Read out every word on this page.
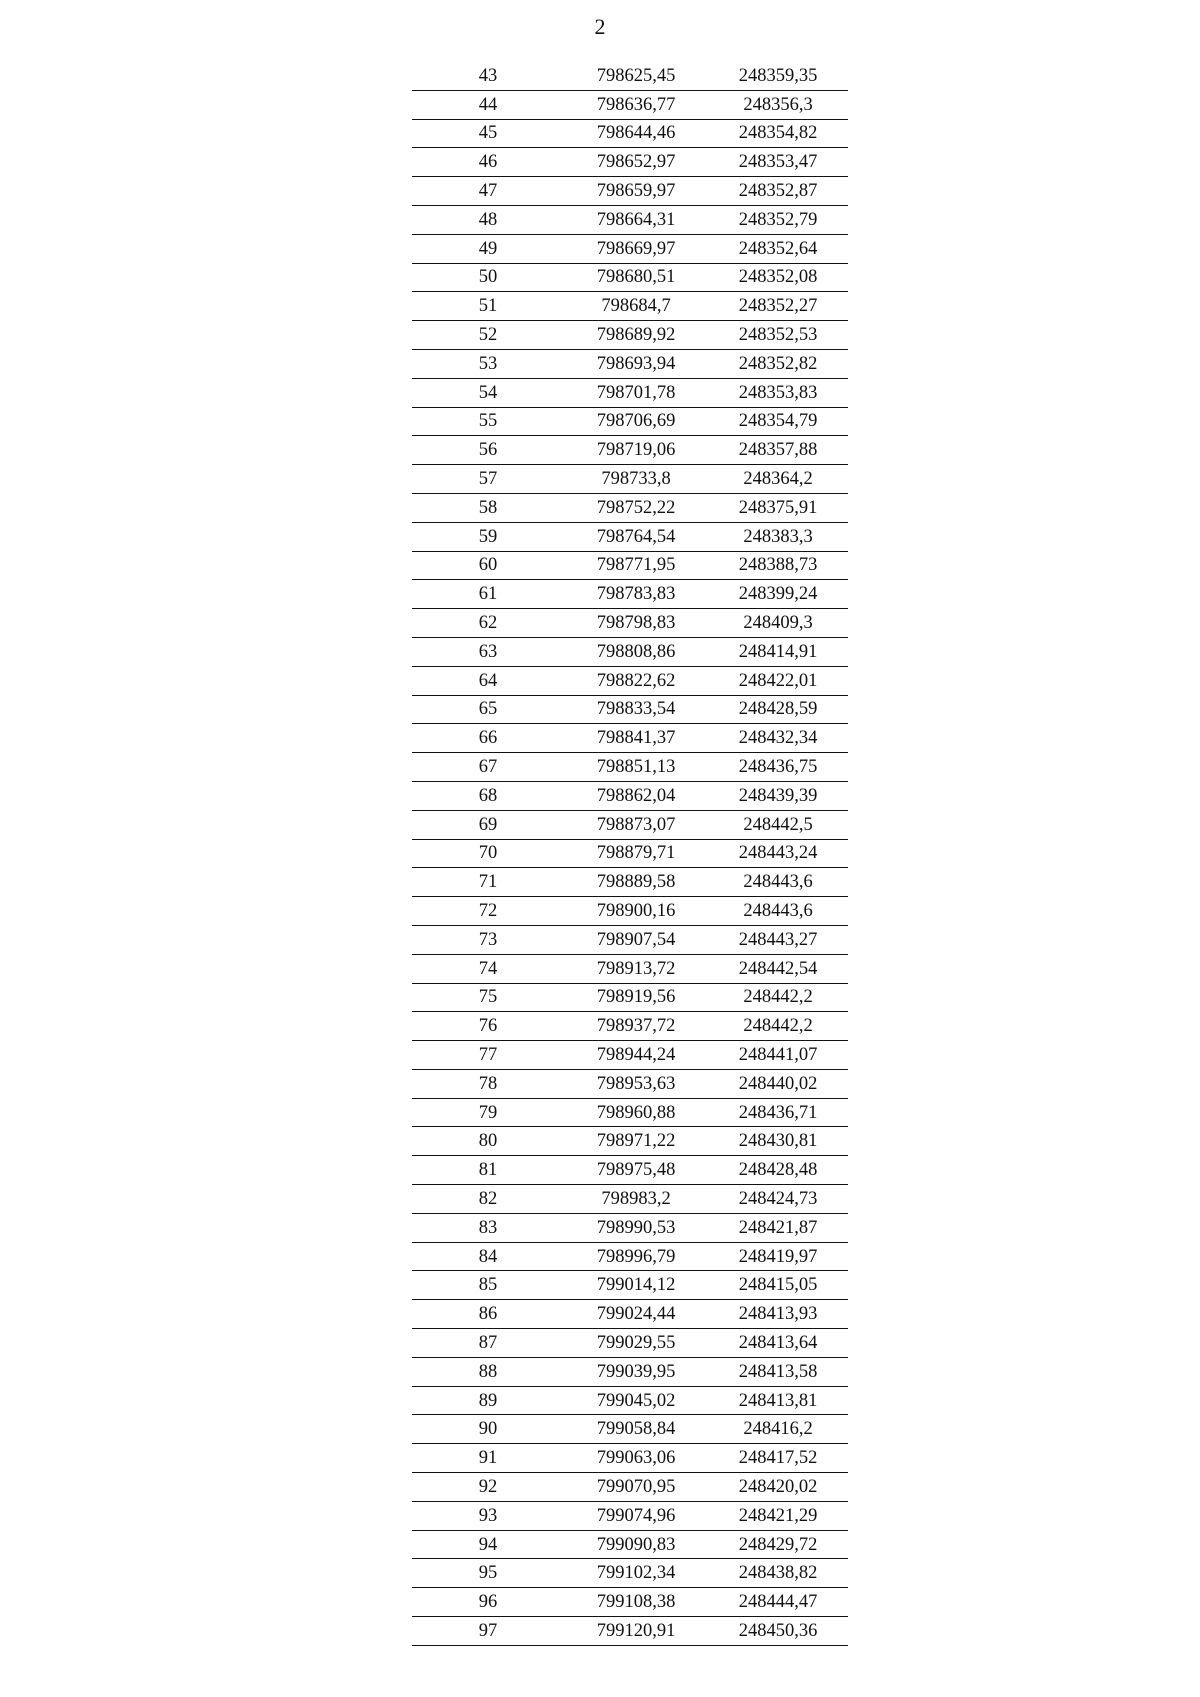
2
43	798625,45	248359,35
44	798636,77	248356,3
45	798644,46	248354,82
46	798652,97	248353,47
47	798659,97	248352,87
48	798664,31	248352,79
49	798669,97	248352,64
50	798680,51	248352,08
51	798684,7	248352,27
52	798689,92	248352,53
53	798693,94	248352,82
54	798701,78	248353,83
55	798706,69	248354,79
56	798719,06	248357,88
57	798733,8	248364,2
58	798752,22	248375,91
59	798764,54	248383,3
60	798771,95	248388,73
61	798783,83	248399,24
62	798798,83	248409,3
63	798808,86	248414,91
64	798822,62	248422,01
65	798833,54	248428,59
66	798841,37	248432,34
67	798851,13	248436,75
68	798862,04	248439,39
69	798873,07	248442,5
70	798879,71	248443,24
71	798889,58	248443,6
72	798900,16	248443,6
73	798907,54	248443,27
74	798913,72	248442,54
75	798919,56	248442,2
76	798937,72	248442,2
77	798944,24	248441,07
78	798953,63	248440,02
79	798960,88	248436,71
80	798971,22	248430,81
81	798975,48	248428,48
82	798983,2	248424,73
83	798990,53	248421,87
84	798996,79	248419,97
85	799014,12	248415,05
86	799024,44	248413,93
87	799029,55	248413,64
88	799039,95	248413,58
89	799045,02	248413,81
90	799058,84	248416,2
91	799063,06	248417,52
92	799070,95	248420,02
93	799074,96	248421,29
94	799090,83	248429,72
95	799102,34	248438,82
96	799108,38	248444,47
97	799120,91	248450,36
